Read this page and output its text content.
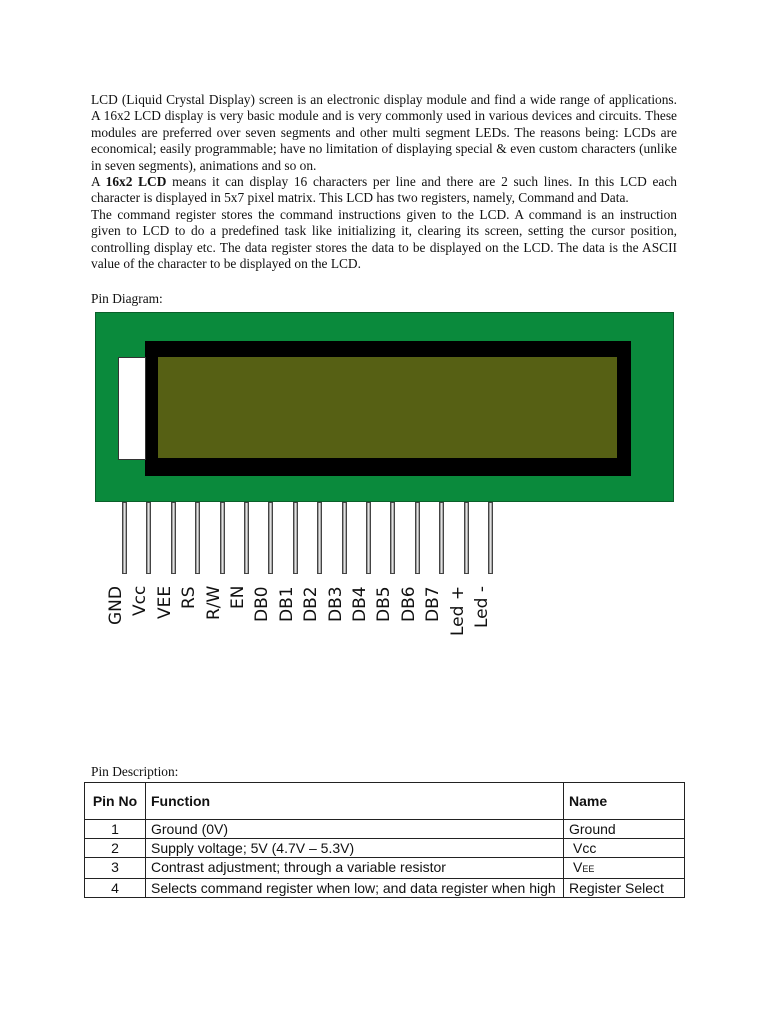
LCD (Liquid Crystal Display) screen is an electronic display module and find a wide range of applications. A 16x2 LCD display is very basic module and is very commonly used in various devices and circuits. These modules are preferred over seven segments and other multi segment LEDs. The reasons being: LCDs are economical; easily programmable; have no limitation of displaying special & even custom characters (unlike in seven segments), animations and so on.

A 16x2 LCD means it can display 16 characters per line and there are 2 such lines. In this LCD each character is displayed in 5x7 pixel matrix. This LCD has two registers, namely, Command and Data.

The command register stores the command instructions given to the LCD. A command is an instruction given to LCD to do a predefined task like initializing it, clearing its screen, setting the cursor position, controlling display etc. The data register stores the data to be displayed on the LCD. The data is the ASCII value of the character to be displayed on the LCD.

Pin Diagram:
GND Vcc VEE RS R/W EN DB0 DB1 DB2 DB3 DB4 DB5 DB6 DB7 Led + Led -
Pin Description:
Pin No	Function	Name
1	Ground (0V)	Ground
2	Supply voltage; 5V (4.7V – 5.3V)	Vcc
3	Contrast adjustment; through a variable resistor	VEE
4	Selects command register when low; and data register when high	Register Select
